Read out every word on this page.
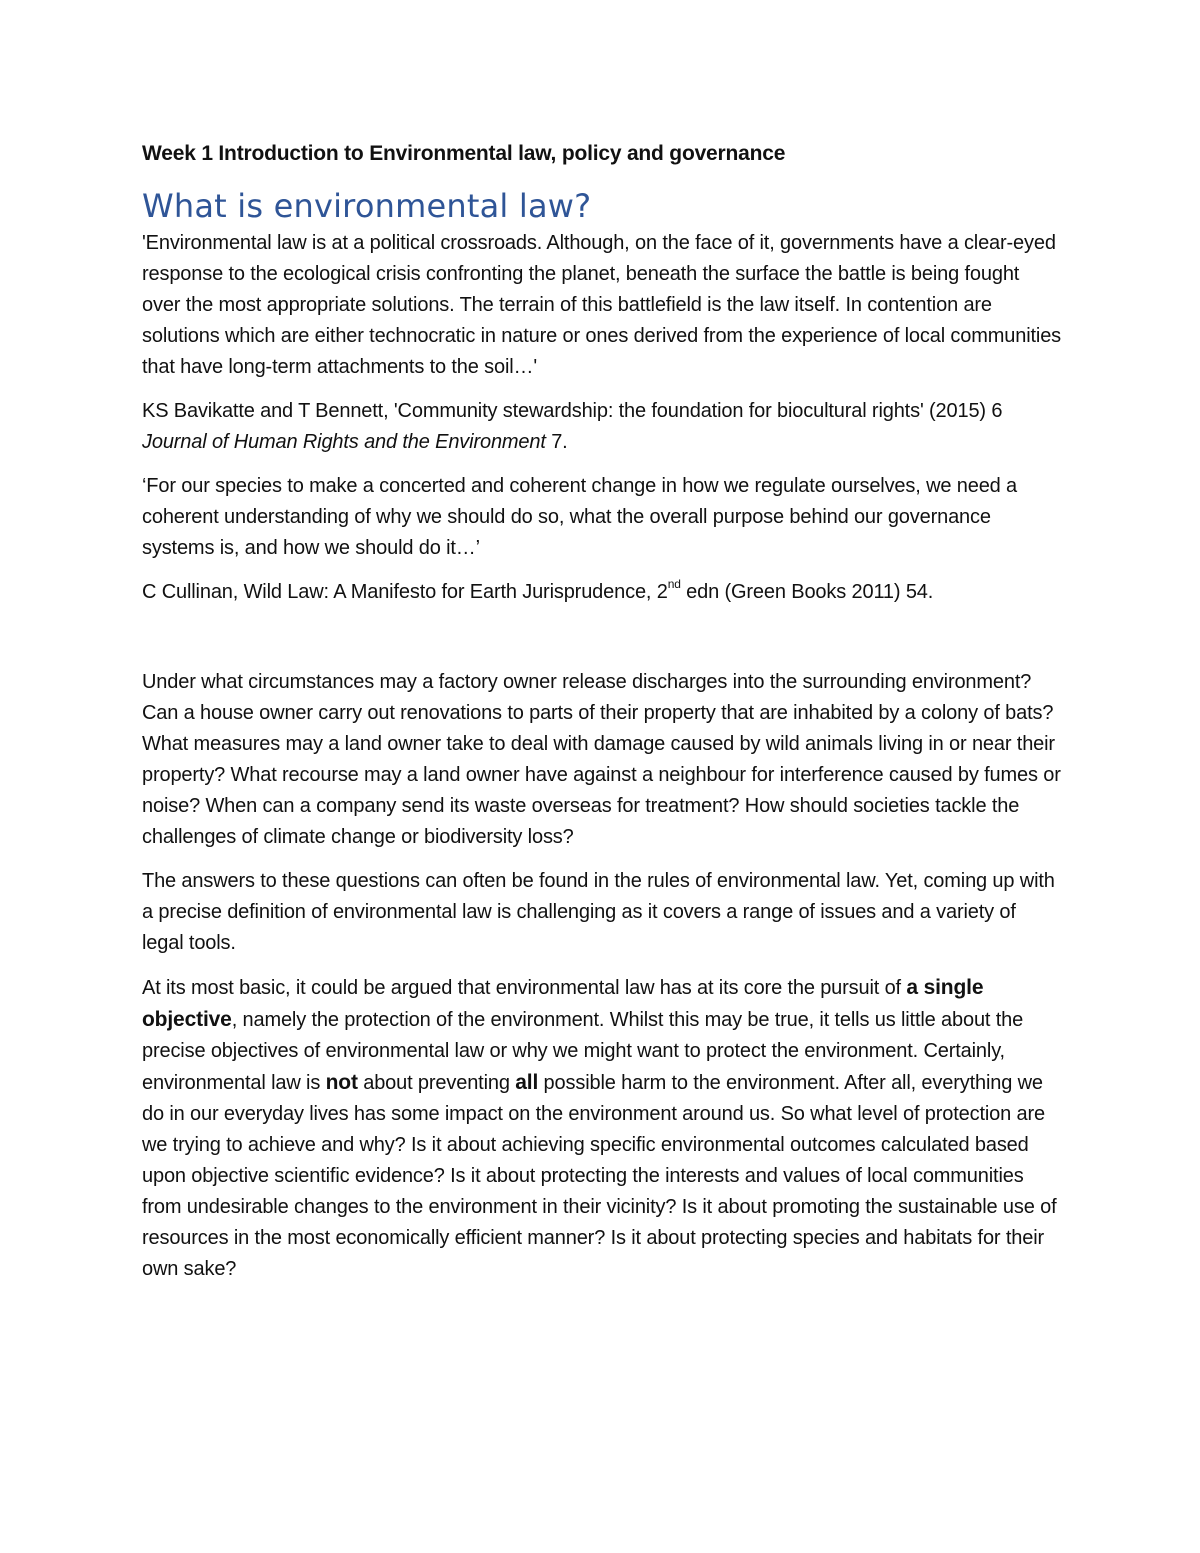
Week 1 Introduction to Environmental law, policy and governance
What is environmental law?

'Environmental law is at a political crossroads. Although, on the face of it, governments have a clear-eyed response to the ecological crisis confronting the planet, beneath the surface the battle is being fought over the most appropriate solutions. The terrain of this battlefield is the law itself. In contention are solutions which are either technocratic in nature or ones derived from the experience of local communities that have long-term attachments to the soil…'

KS Bavikatte and T Bennett, 'Community stewardship: the foundation for biocultural rights' (2015) 6 Journal of Human Rights and the Environment 7.

‘For our species to make a concerted and coherent change in how we regulate ourselves, we need a coherent understanding of why we should do so, what the overall purpose behind our governance systems is, and how we should do it…’

C Cullinan, Wild Law: A Manifesto for Earth Jurisprudence, 2nd edn (Green Books 2011) 54.

Under what circumstances may a factory owner release discharges into the surrounding environment? Can a house owner carry out renovations to parts of their property that are inhabited by a colony of bats? What measures may a land owner take to deal with damage caused by wild animals living in or near their property? What recourse may a land owner have against a neighbour for interference caused by fumes or noise? When can a company send its waste overseas for treatment? How should societies tackle the challenges of climate change or biodiversity loss?

The answers to these questions can often be found in the rules of environmental law. Yet, coming up with a precise definition of environmental law is challenging as it covers a range of issues and a variety of legal tools.

At its most basic, it could be argued that environmental law has at its core the pursuit of a single objective, namely the protection of the environment. Whilst this may be true, it tells us little about the precise objectives of environmental law or why we might want to protect the environment. Certainly, environmental law is not about preventing all possible harm to the environment. After all, everything we do in our everyday lives has some impact on the environment around us. So what level of protection are we trying to achieve and why? Is it about achieving specific environmental outcomes calculated based upon objective scientific evidence? Is it about protecting the interests and values of local communities from undesirable changes to the environment in their vicinity? Is it about promoting the sustainable use of resources in the most economically efficient manner? Is it about protecting species and habitats for their own sake?
